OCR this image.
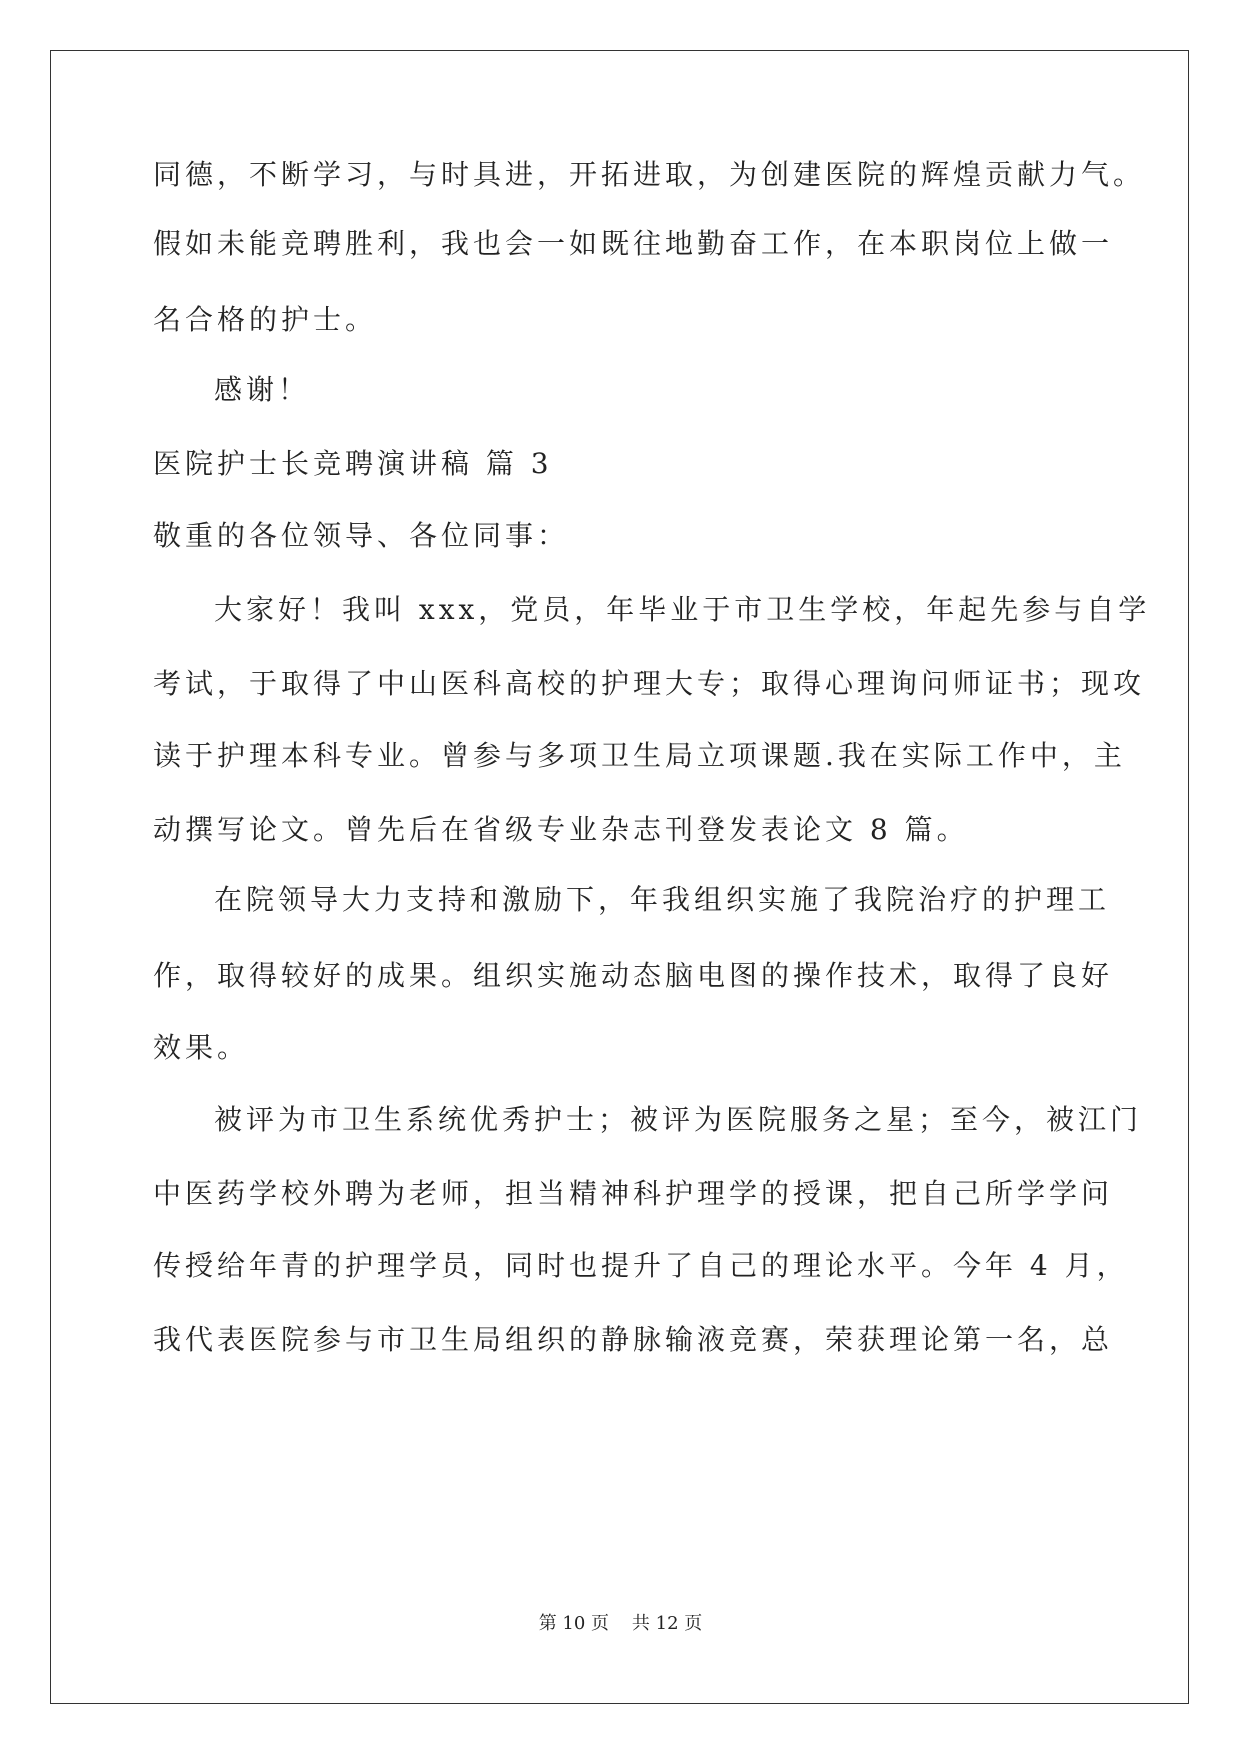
同德，不断学习，与时具进，开拓进取，为创建医院的辉煌贡献力气。
假如未能竞聘胜利，我也会一如既往地勤奋工作，在本职岗位上做一
名合格的护士。
感谢！
医院护士长竞聘演讲稿 篇 3
敬重的各位领导、各位同事：
大家好！我叫 xxx，党员，年毕业于市卫生学校，年起先参与自学
考试，于取得了中山医科高校的护理大专；取得心理询问师证书；现攻
读于护理本科专业。曾参与多项卫生局立项课题.我在实际工作中，主
动撰写论文。曾先后在省级专业杂志刊登发表论文 8 篇。
在院领导大力支持和激励下，年我组织实施了我院治疗的护理工
作，取得较好的成果。组织实施动态脑电图的操作技术，取得了良好
效果。
被评为市卫生系统优秀护士；被评为医院服务之星；至今，被江门
中医药学校外聘为老师，担当精神科护理学的授课，把自己所学学问
传授给年青的护理学员，同时也提升了自己的理论水平。今年 4 月，
我代表医院参与市卫生局组织的静脉输液竞赛，荣获理论第一名，总
第 10 页    共 12 页
